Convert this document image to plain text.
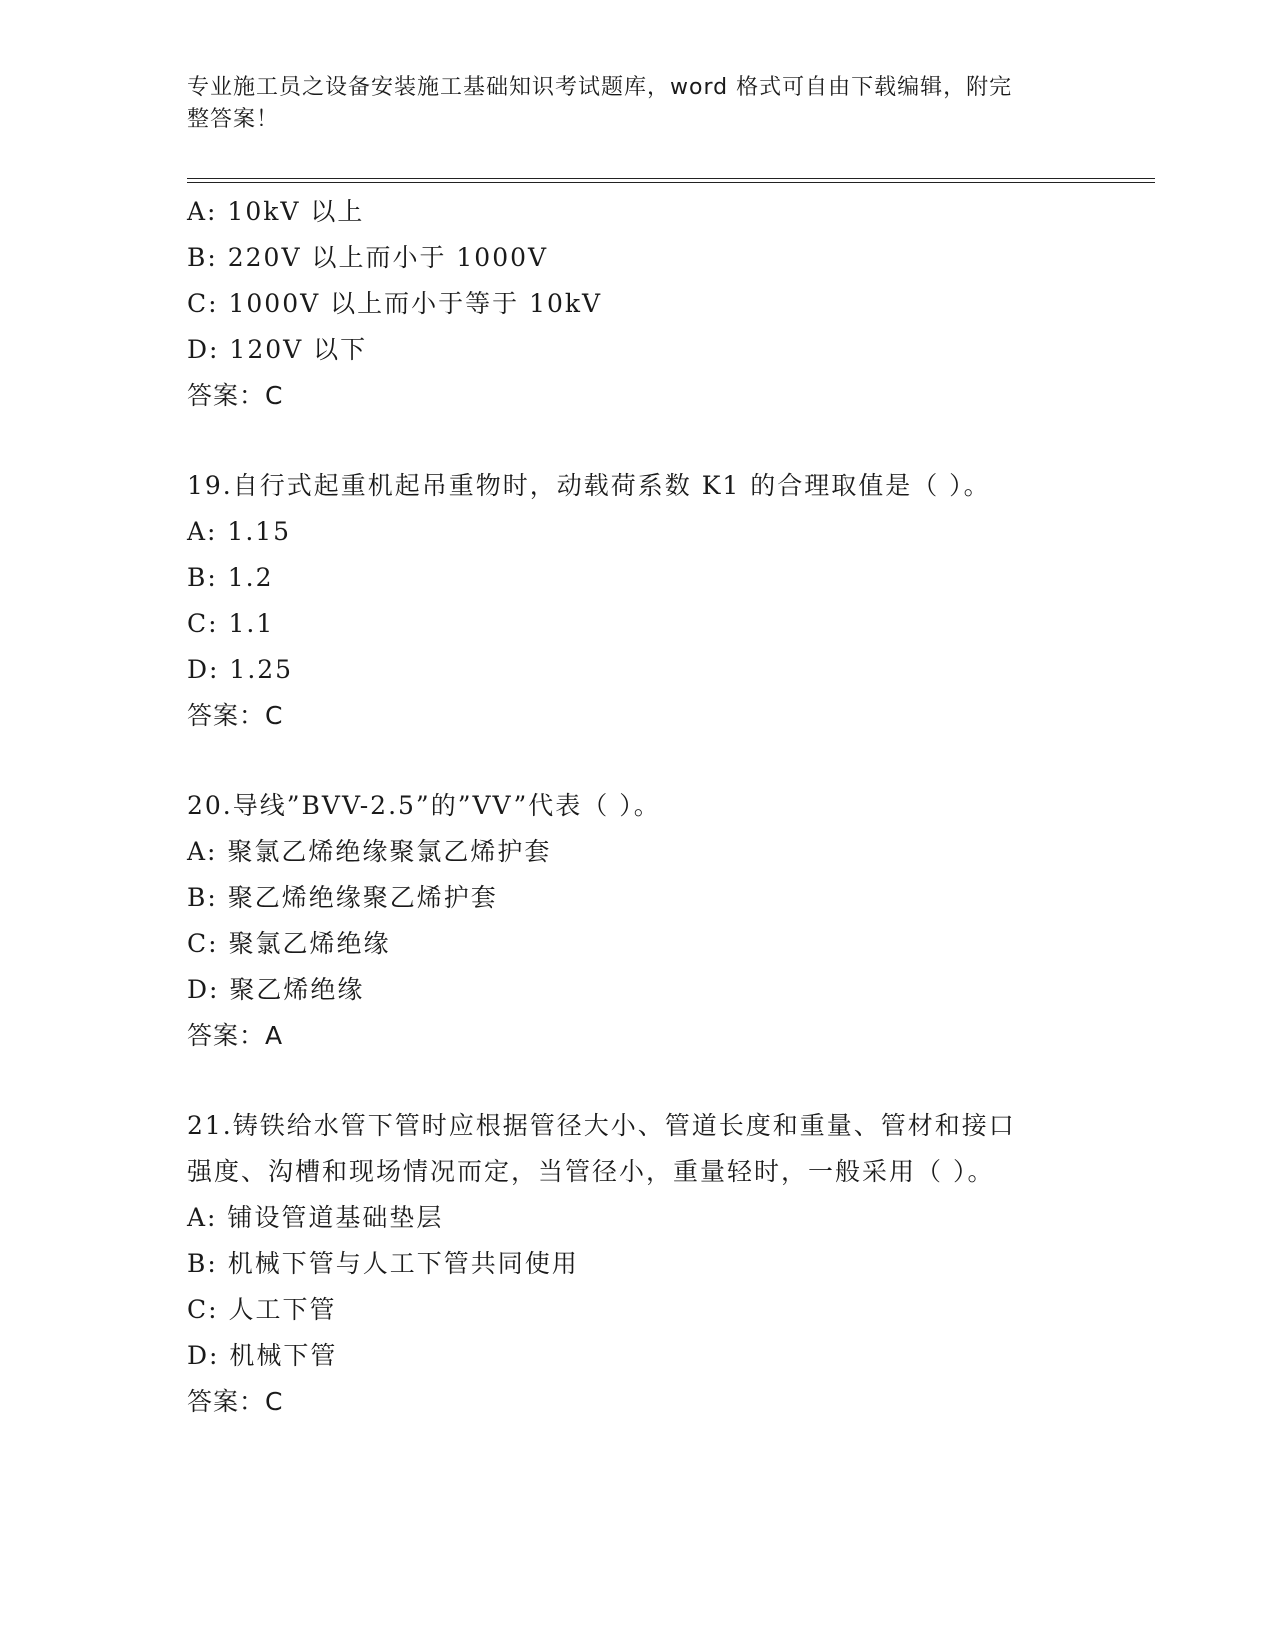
专业施工员之设备安装施工基础知识考试题库，word 格式可自由下载编辑，附完
整答案！
A: 10kV 以上
B: 220V 以上而小于 1000V
C: 1000V 以上而小于等于 10kV
D: 120V 以下
答案：C
19.自行式起重机起吊重物时，动载荷系数 K1 的合理取值是（ ）。
A: 1.15
B: 1.2
C: 1.1
D: 1.25
答案：C
20.导线”BVV-2.5”的”VV”代表（ ）。
A: 聚氯乙烯绝缘聚氯乙烯护套
B: 聚乙烯绝缘聚乙烯护套
C: 聚氯乙烯绝缘
D: 聚乙烯绝缘
答案：A
21.铸铁给水管下管时应根据管径大小、管道长度和重量、管材和接口
强度、沟槽和现场情况而定，当管径小，重量轻时，一般采用（ ）。
A: 铺设管道基础垫层
B: 机械下管与人工下管共同使用
C: 人工下管
D: 机械下管
答案：C
